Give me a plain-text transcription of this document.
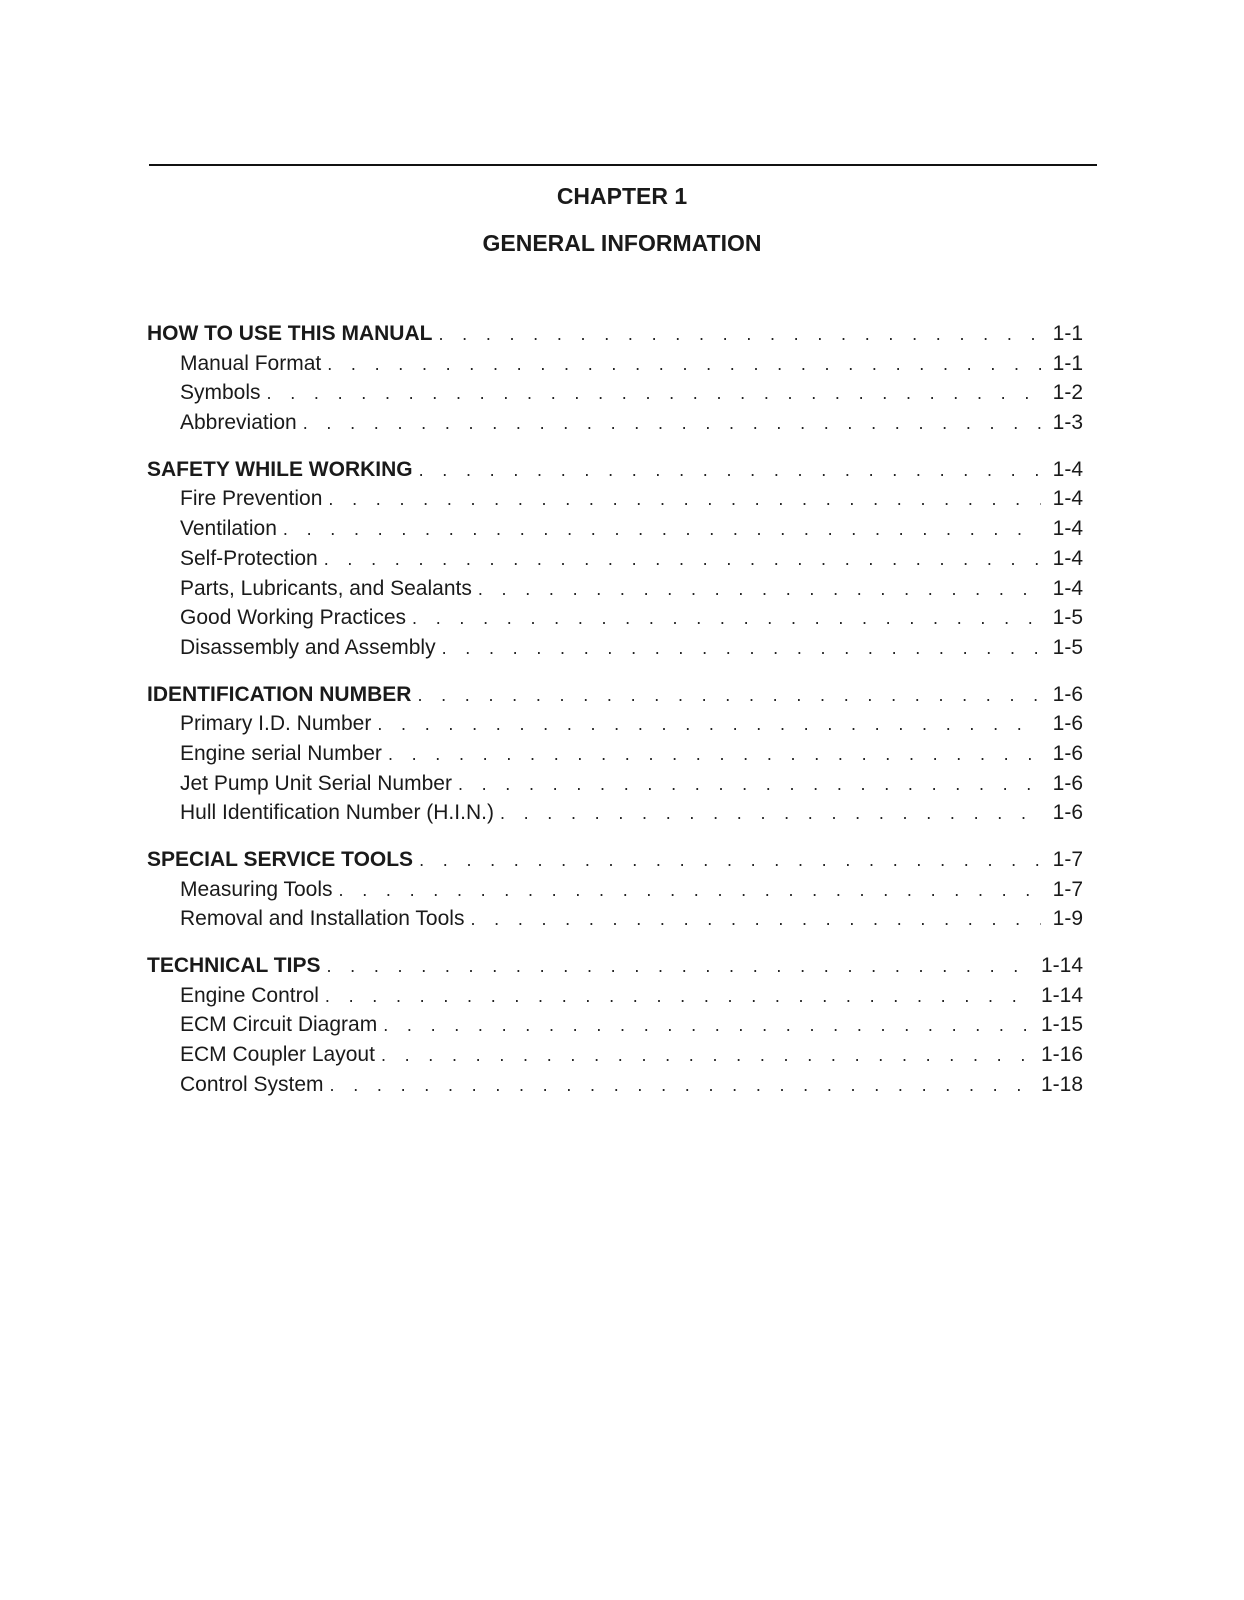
CHAPTER 1
GENERAL INFORMATION
HOW TO USE THIS MANUAL . . .	1-1
Manual Format . . .	1-1
Symbols . . .	1-2
Abbreviation . . .	1-3
SAFETY WHILE WORKING . . .	1-4
Fire Prevention . . .	1-4
Ventilation . . .	1-4
Self-Protection . . .	1-4
Parts, Lubricants, and Sealants . . .	1-4
Good Working Practices . . .	1-5
Disassembly and Assembly . . .	1-5
IDENTIFICATION NUMBER . . .	1-6
Primary I.D. Number . . .	1-6
Engine serial Number . . .	1-6
Jet Pump Unit Serial Number . . .	1-6
Hull Identification Number (H.I.N.) . . .	1-6
SPECIAL SERVICE TOOLS . . .	1-7
Measuring Tools . . .	1-7
Removal and Installation Tools . . .	1-9
TECHNICAL TIPS . . .	1-14
Engine Control . . .	1-14
ECM Circuit Diagram . . .	1-15
ECM Coupler Layout . . .	1-16
Control System . . .	1-18
